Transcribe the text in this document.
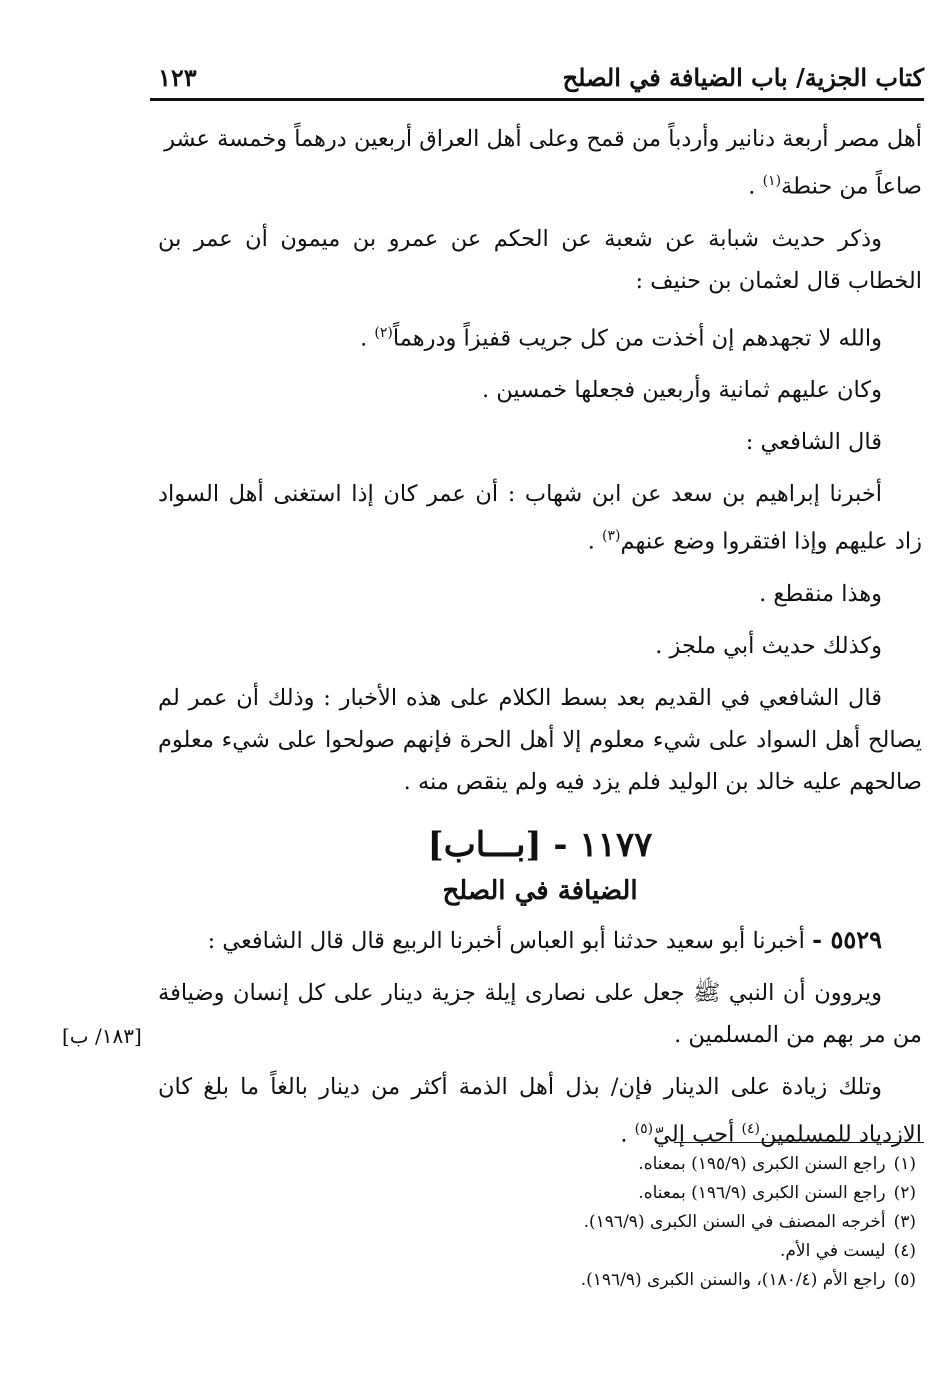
كتاب الجزية/ باب الضيافة في الصلح
١٢٣

أهل مصر أربعة دنانير وأردباً من قمح وعلى أهل العراق أربعين درهماً وخمسة عشر
صاعاً من حنطة$^{(١)}$ .

وذكر حديث شبابة عن شعبة عن الحكم عن عمرو بن ميمون أن عمر بن الخطاب قال لعثمان بن حنيف :

والله لا تجهدهم إن أخذت من كل جريب قفيزاً ودرهماً$^{(٢)}$ .

وكان عليهم ثمانية وأربعين فجعلها خمسين .

قال الشافعي :

أخبرنا إبراهيم بن سعد عن ابن شهاب : أن عمر كان إذا استغنى أهل السواد زاد عليهم وإذا افتقروا وضع عنهم$^{(٣)}$ .

وهذا منقطع .

وكذلك حديث أبي ملجز .

قال الشافعي في القديم بعد بسط الكلام على هذه الأخبار : وذلك أن عمر لم يصالح أهل السواد على شيء معلوم إلا أهل الحرة فإنهم صولحوا على شيء معلوم صالحهم عليه خالد بن الوليد فلم يزد فيه ولم ينقص منه .

١١٧٧ - [بـــاب]
الضيافة في الصلح

٥٥٢٩ - أخبرنا أبو سعيد حدثنا أبو العباس أخبرنا الربيع قال قال الشافعي :

ويروون أن النبي ﷺ جعل على نصارى إيلة جزية دينار على كل إنسان وضيافة من مر بهم من المسلمين .

وتلك زيادة على الدينار فإن/ بذل أهل الذمة أكثر من دينار بالغاً ما بلغ كان الازدياد للمسلمين$^{(٤)}$ أحب إليّ$^{(٥)}$ .

[١٨٣/ ب]
(١)
راجع السنن الكبرى (١٩٥/٩) بمعناه.
(٢)
راجع السنن الكبرى (١٩٦/٩) بمعناه.
(٣)
أخرجه المصنف في السنن الكبرى (١٩٦/٩).
(٤)
ليست في الأم.
(٥)
راجع الأم (١٨٠/٤)، والسنن الكبرى (١٩٦/٩).
